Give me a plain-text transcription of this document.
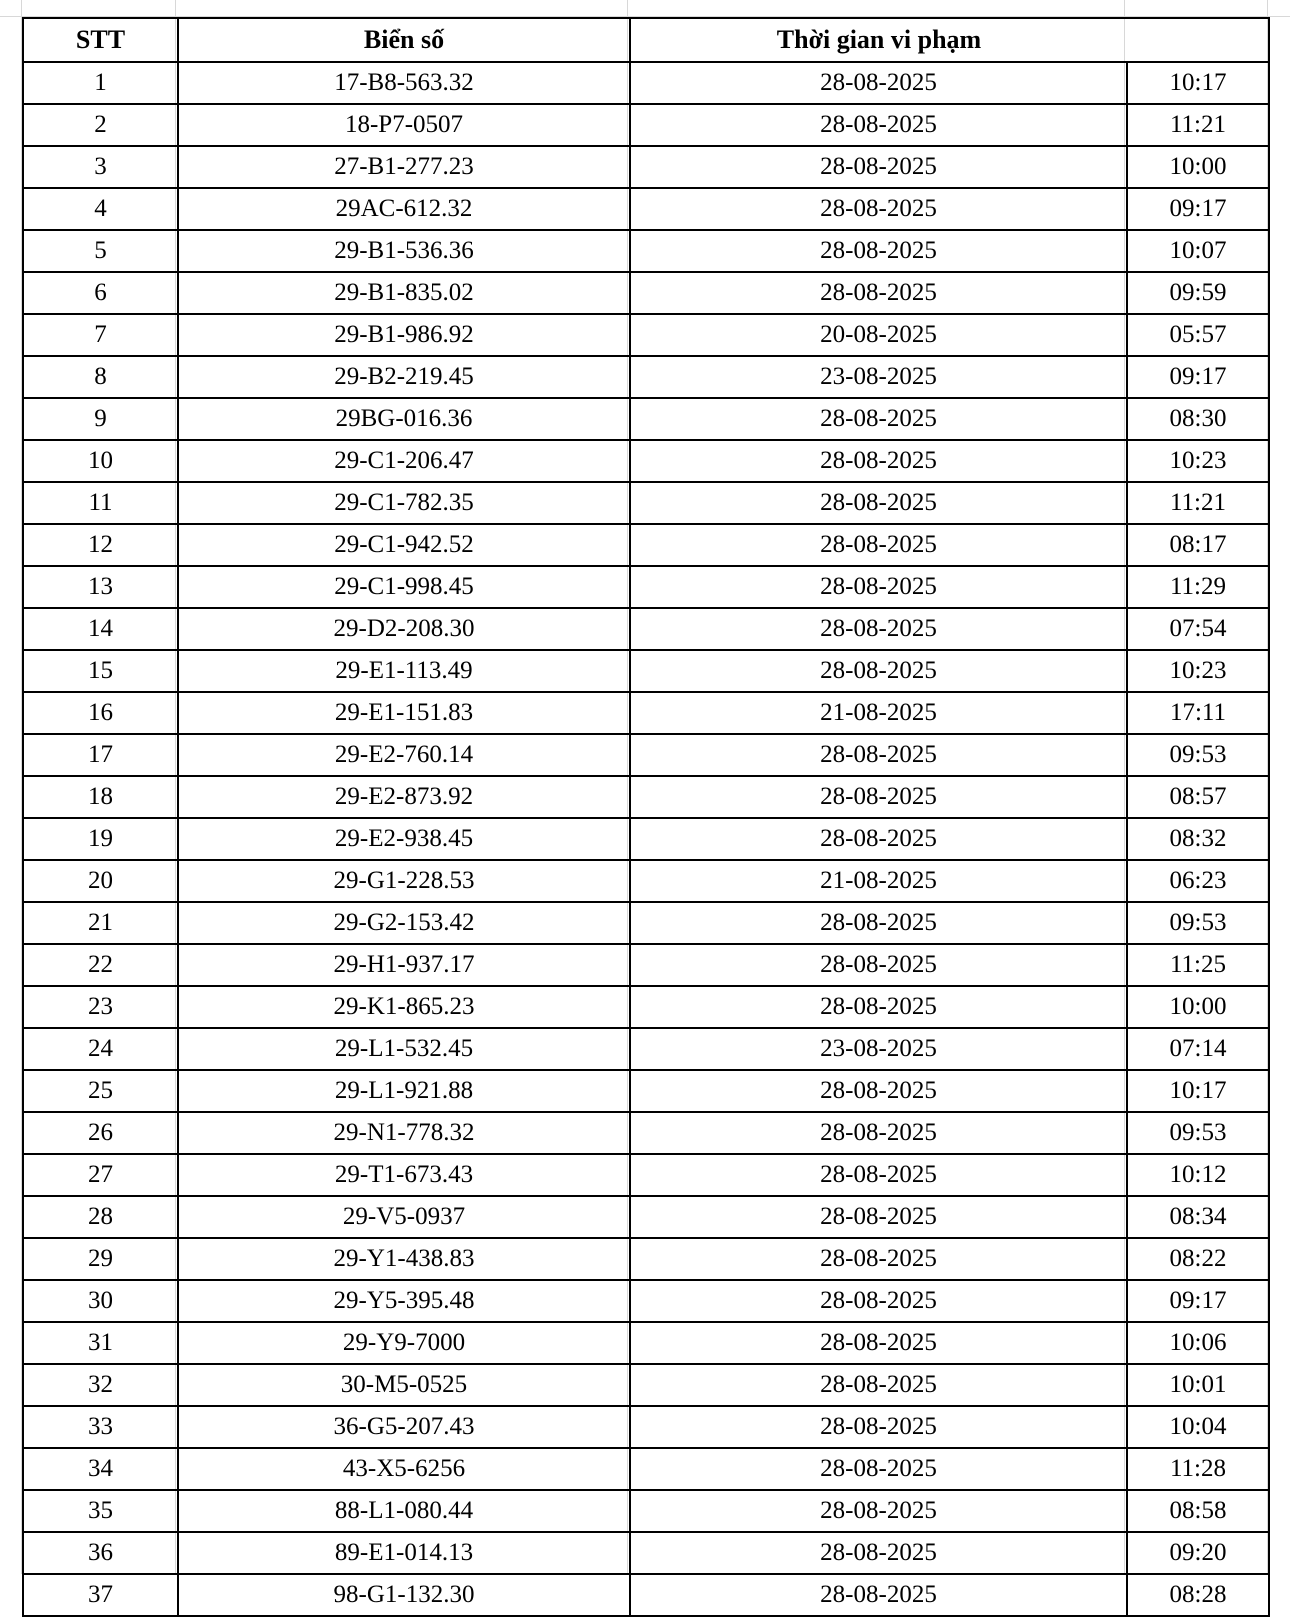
STT	Biển số	Thời gian vi phạm	
1	17-B8-563.32	28-08-2025	10:17
2	18-P7-0507	28-08-2025	11:21
3	27-B1-277.23	28-08-2025	10:00
4	29AC-612.32	28-08-2025	09:17
5	29-B1-536.36	28-08-2025	10:07
6	29-B1-835.02	28-08-2025	09:59
7	29-B1-986.92	20-08-2025	05:57
8	29-B2-219.45	23-08-2025	09:17
9	29BG-016.36	28-08-2025	08:30
10	29-C1-206.47	28-08-2025	10:23
11	29-C1-782.35	28-08-2025	11:21
12	29-C1-942.52	28-08-2025	08:17
13	29-C1-998.45	28-08-2025	11:29
14	29-D2-208.30	28-08-2025	07:54
15	29-E1-113.49	28-08-2025	10:23
16	29-E1-151.83	21-08-2025	17:11
17	29-E2-760.14	28-08-2025	09:53
18	29-E2-873.92	28-08-2025	08:57
19	29-E2-938.45	28-08-2025	08:32
20	29-G1-228.53	21-08-2025	06:23
21	29-G2-153.42	28-08-2025	09:53
22	29-H1-937.17	28-08-2025	11:25
23	29-K1-865.23	28-08-2025	10:00
24	29-L1-532.45	23-08-2025	07:14
25	29-L1-921.88	28-08-2025	10:17
26	29-N1-778.32	28-08-2025	09:53
27	29-T1-673.43	28-08-2025	10:12
28	29-V5-0937	28-08-2025	08:34
29	29-Y1-438.83	28-08-2025	08:22
30	29-Y5-395.48	28-08-2025	09:17
31	29-Y9-7000	28-08-2025	10:06
32	30-M5-0525	28-08-2025	10:01
33	36-G5-207.43	28-08-2025	10:04
34	43-X5-6256	28-08-2025	11:28
35	88-L1-080.44	28-08-2025	08:58
36	89-E1-014.13	28-08-2025	09:20
37	98-G1-132.30	28-08-2025	08:28
